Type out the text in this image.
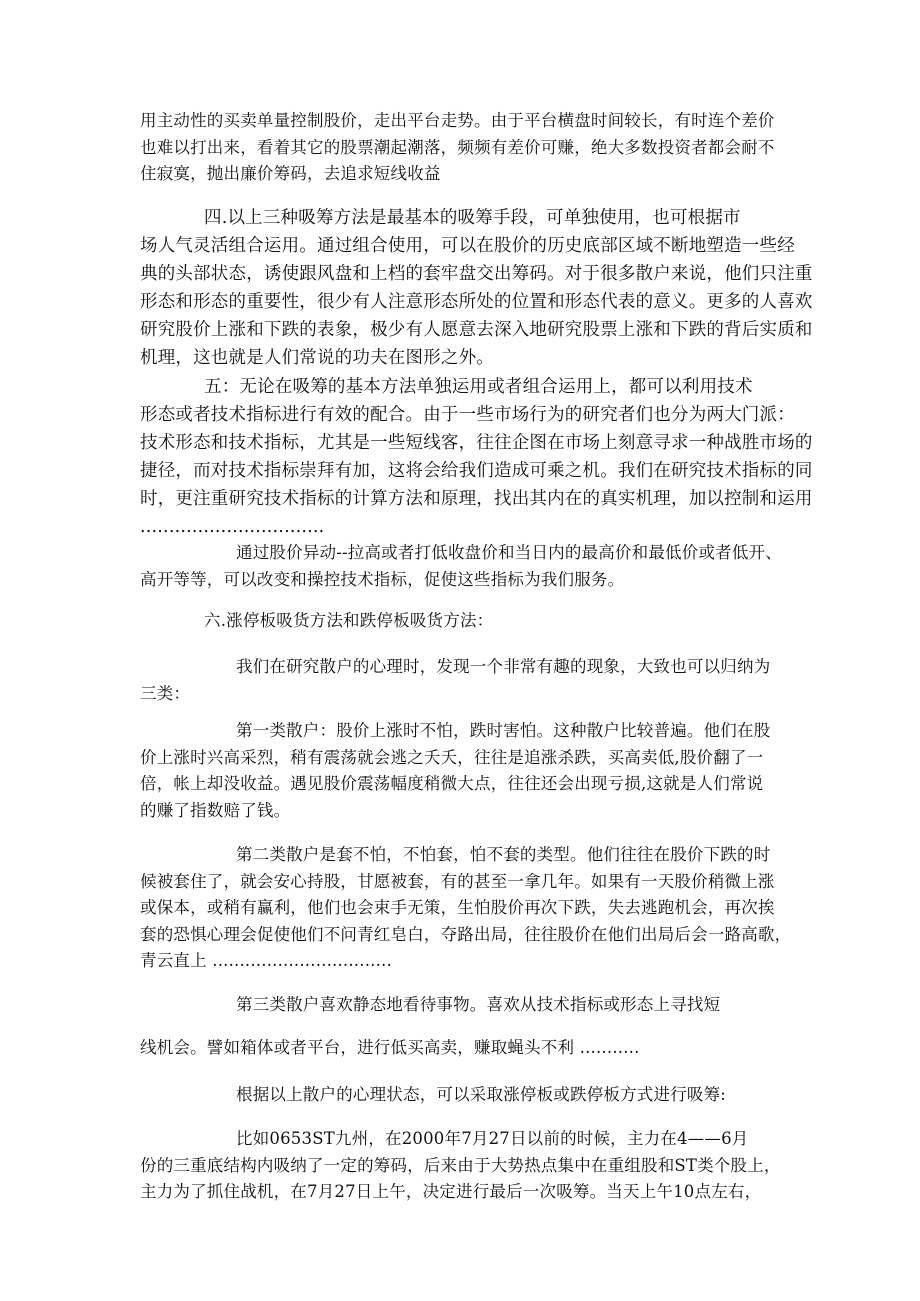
用主动性的买卖单量控制股价，走出平台走势。由于平台横盘时间较长，有时连个差价
也难以打出来，看着其它的股票潮起潮落，频频有差价可赚，绝大多数投资者都会耐不
住寂寞，抛出廉价筹码，去追求短线收益
四.以上三种吸筹方法是最基本的吸筹手段，可单独使用，也可根据市
场人气灵活组合运用。通过组合使用，可以在股价的历史底部区域不断地塑造一些经
典的头部状态，诱使跟风盘和上档的套牢盘交出筹码。对于很多散户来说，他们只注重
形态和形态的重要性，很少有人注意形态所处的位置和形态代表的意义。更多的人喜欢
研究股价上涨和下跌的表象，极少有人愿意去深入地研究股票上涨和下跌的背后实质和
机理，这也就是人们常说的功夫在图形之外。
五：无论在吸筹的基本方法单独运用或者组合运用上，都可以利用技术
形态或者技术指标进行有效的配合。由于一些市场行为的研究者们也分为两大门派：
技术形态和技术指标，尤其是一些短线客，往往企图在市场上刻意寻求一种战胜市场的
捷径，而对技术指标崇拜有加，这将会给我们造成可乘之机。我们在研究技术指标的同
时，更注重研究技术指标的计算方法和原理，找出其内在的真实机理，加以控制和运用
................................
通过股价异动--拉高或者打低收盘价和当日内的最高价和最低价或者低开、
高开等等，可以改变和操控技术指标，促使这些指标为我们服务。
六.涨停板吸货方法和跌停板吸货方法：
我们在研究散户的心理时，发现一个非常有趣的现象，大致也可以归纳为
三类：
第一类散户：股价上涨时不怕，跌时害怕。这种散户比较普遍。他们在股
价上涨时兴高采烈，稍有震荡就会逃之夭夭，往往是追涨杀跌，买高卖低,股价翻了一
倍，帐上却没收益。遇见股价震荡幅度稍微大点，往往还会出现亏损,这就是人们常说
的赚了指数赔了钱。
第二类散户是套不怕，不怕套，怕不套的类型。他们往往在股价下跌的时
候被套住了，就会安心持股，甘愿被套，有的甚至一拿几年。如果有一天股价稍微上涨
或保本，或稍有赢利，他们也会束手无策，生怕股价再次下跌，失去逃跑机会，再次挨
套的恐惧心理会促使他们不问青红皂白，夺路出局，往往股价在他们出局后会一路高歌，
青云直上 .................................
第三类散户喜欢静态地看待事物。喜欢从技术指标或形态上寻找短
线机会。譬如箱体或者平台，进行低买高卖，赚取蝇头不利 ...........
根据以上散户的心理状态，可以采取涨停板或跌停板方式进行吸筹:
比如0653ST九州，在2000年7月27日以前的时候，主力在4——6月
份的三重底结构内吸纳了一定的筹码，后来由于大势热点集中在重组股和ST类个股上，
主力为了抓住战机，在7月27日上午，决定进行最后一次吸筹。当天上午10点左右，
